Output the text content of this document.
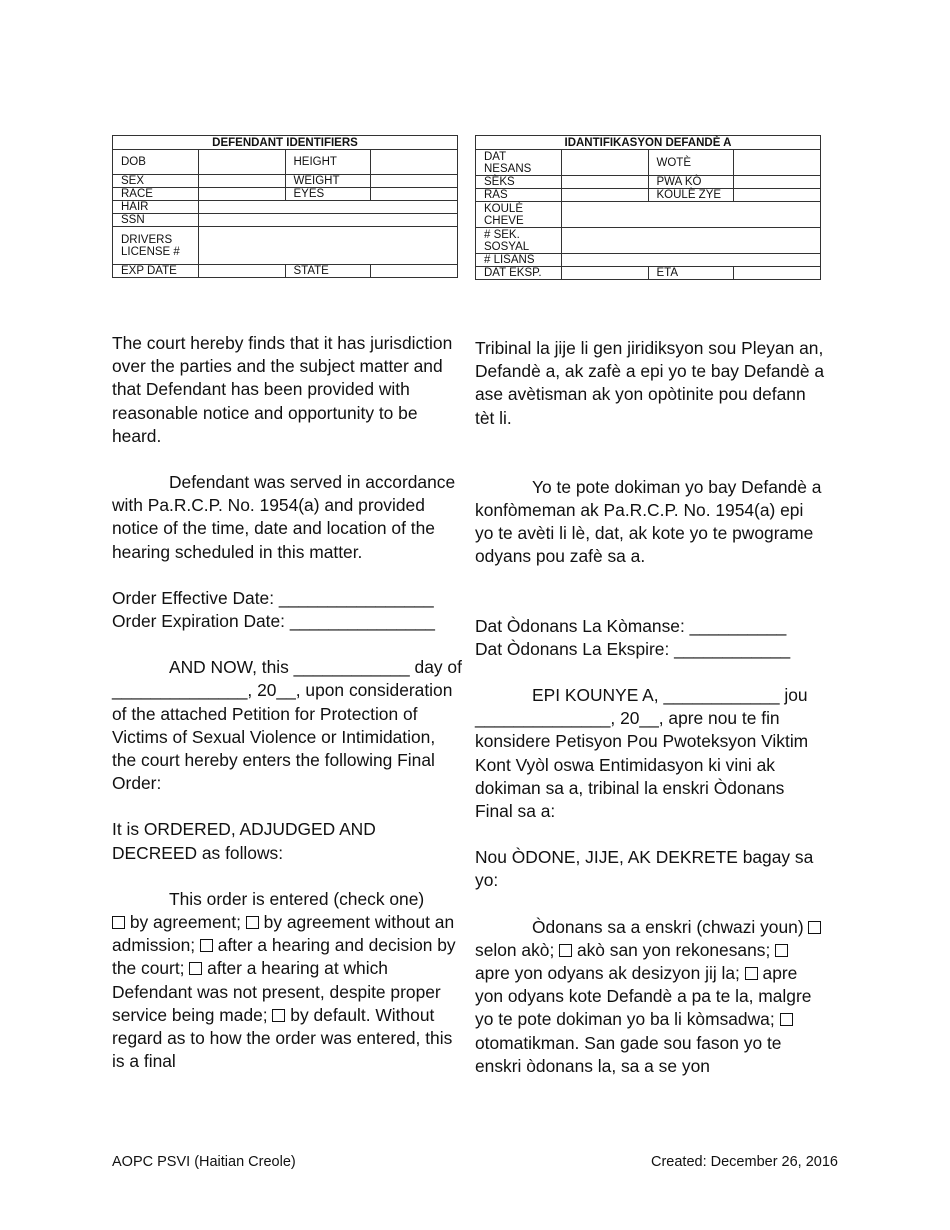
DEFENDANT IDENTIFIERS			
DOB		HEIGHT	
SEX		WEIGHT	
RACE		EYES	
HAIR			
SSN			
DRIVERS
LICENSE #			
EXP DATE		STATE	
IDANTIFIKASYON DEFANDÈ A			
DAT
NESANS		WOTÈ	
SÈKS		PWA KÒ	
RAS		KOULÈ ZYE	
KOULÈ
CHEVE			
# SEK.
SOSYAL			
# LISANS			
DAT EKSP.		ETA	

The court hereby finds that it has jurisdiction over the parties and the subject matter and that Defendant has been provided with reasonable notice and opportunity to be heard.

Defendant was served in accordance with Pa.R.C.P. No. 1954(a) and provided notice of the time, date and location of the hearing scheduled in this matter.

Order Effective Date: ________________

Order Expiration Date: _______________

AND NOW, this ____________ day of ______________, 20__, upon consideration of the attached Petition for Protection of Victims of Sexual Violence or Intimidation, the court hereby enters the following Final Order:

It is ORDERED, ADJUDGED AND DECREED as follows:

This order is entered (check one)
by agreement;  by agreement without an admission;  after a hearing and decision by the court;  after a hearing at which Defendant was not present, despite proper service being made;  by default. Without regard as to how the order was entered, this is a final

Tribinal la jije li gen jiridiksyon sou Pleyan an, Defandè a, ak zafè a epi yo te bay Defandè a ase avètisman ak yon opòtinite pou defann tèt li.

Yo te pote dokiman yo bay Defandè a konfòmeman ak Pa.R.C.P. No. 1954(a) epi yo te avèti li lè, dat, ak kote yo te pwograme odyans pou zafè sa a.

Dat Òdonans La Kòmanse: __________

Dat Òdonans La Ekspire: ____________

EPI KOUNYE A, ____________ jou ______________, 20__, apre nou te fin konsidere Petisyon Pou Pwoteksyon Viktim Kont Vyòl oswa Entimidasyon ki vini ak dokiman sa a, tribinal la enskri Òdonans Final sa a:

Nou ÒDONE, JIJE, AK DEKRETE bagay sa yo:

Òdonans sa a enskri (chwazi youn)  selon akò;  akò san yon rekonesans;  apre yon odyans ak desizyon jij la;  apre yon odyans kote Defandè a pa te la, malgre yo te pote dokiman yo ba li kòmsadwa;  otomatikman. San gade sou fason yo te enskri òdonans la, sa a se yon

AOPC PSVI (Haitian Creole)	Created: December 26, 2016
